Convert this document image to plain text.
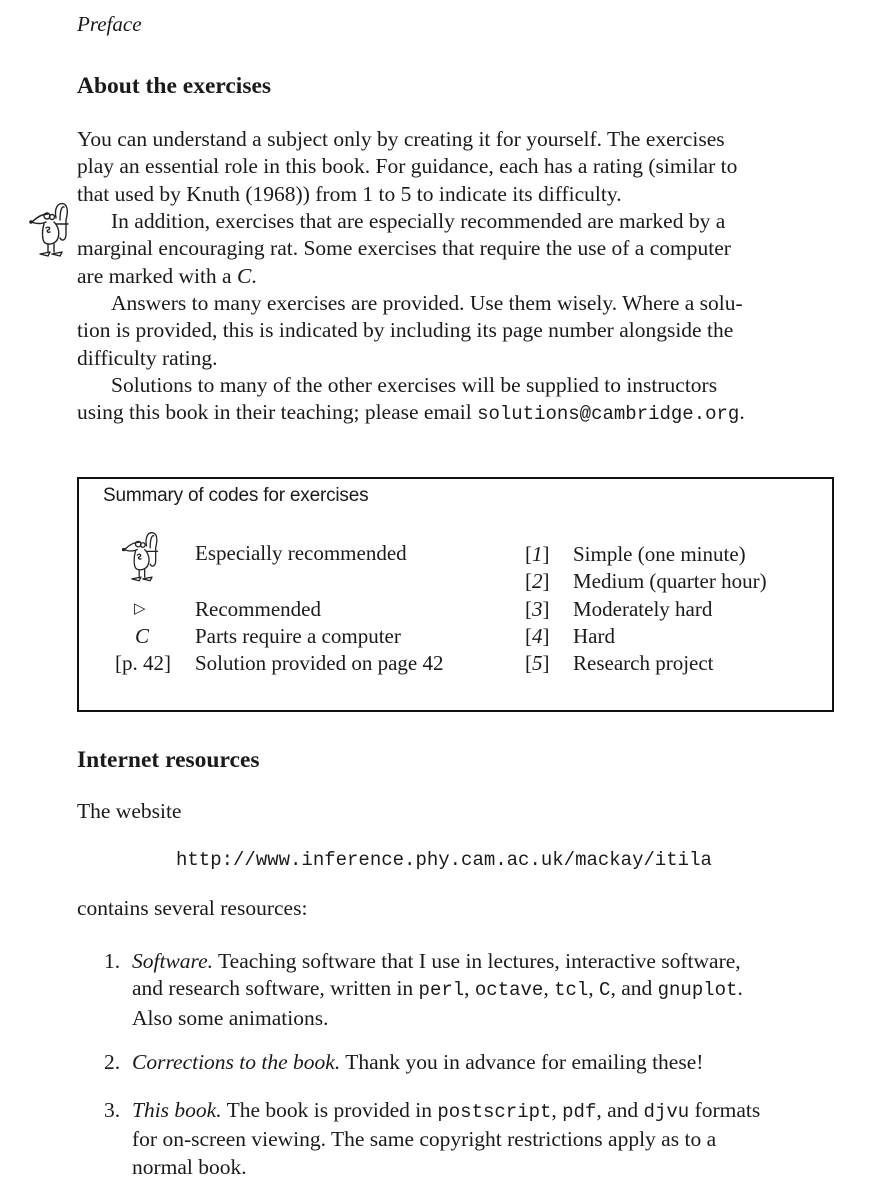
Preface
About the exercises
You can understand a subject only by creating it for yourself. The exercises
play an essential role in this book. For guidance, each has a rating (similar to
that used by Knuth (1968)) from 1 to 5 to indicate its difficulty.
In addition, exercises that are especially recommended are marked by a
marginal encouraging rat. Some exercises that require the use of a computer
are marked with a C.
Answers to many exercises are provided. Use them wisely. Where a solu-
tion is provided, this is indicated by including its page number alongside the
difficulty rating.
Solutions to many of the other exercises will be supplied to instructors
using this book in their teaching; please email solutions@cambridge.org.
Summary of codes for exercises
Especially recommended
▷ Recommended
C Parts require a computer
[p. 42] Solution provided on page 42
[1] Simple (one minute)
[2] Medium (quarter hour)
[3] Moderately hard
[4] Hard
[5] Research project
Internet resources
The website
http://www.inference.phy.cam.ac.uk/mackay/itila
contains several resources:
1. Software. Teaching software that I use in lectures, interactive software,
and research software, written in perl, octave, tcl, C, and gnuplot.
Also some animations.
2. Corrections to the book. Thank you in advance for emailing these!
3. This book. The book is provided in postscript, pdf, and djvu formats
for on-screen viewing. The same copyright restrictions apply as to a
normal book.
